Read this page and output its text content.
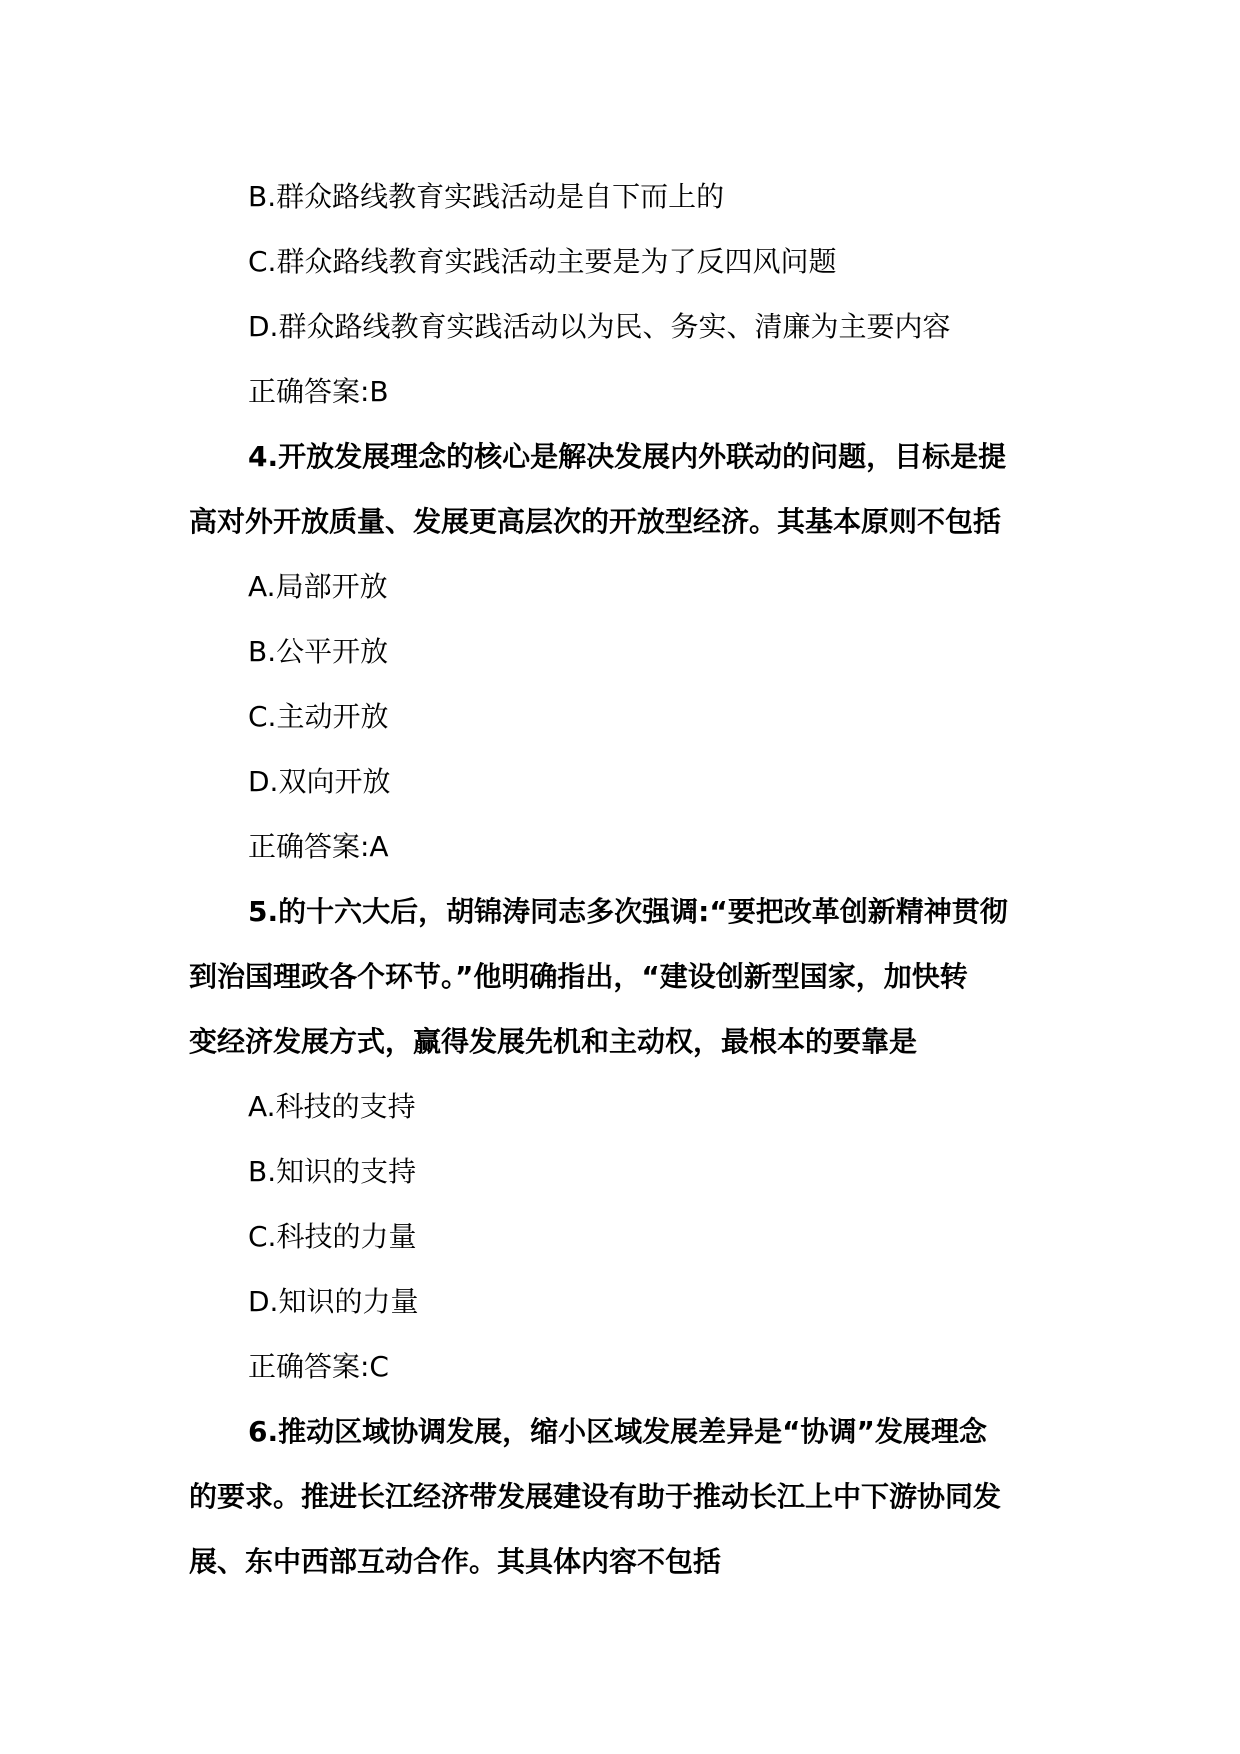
B.群众路线教育实践活动是自下而上的
C.群众路线教育实践活动主要是为了反四风问题
D.群众路线教育实践活动以为民、务实、清廉为主要内容
正确答案:B
4.开放发展理念的核心是解决发展内外联动的问题，目标是提
高对外开放质量、发展更高层次的开放型经济。其基本原则不包括
A.局部开放
B.公平开放
C.主动开放
D.双向开放
正确答案:A
5.的十六大后，胡锦涛同志多次强调:“要把改革创新精神贯彻
到治国理政各个环节。”他明确指出，“建设创新型国家，加快转
变经济发展方式，赢得发展先机和主动权，最根本的要靠是
A.科技的支持
B.知识的支持
C.科技的力量
D.知识的力量
正确答案:C
6.推动区域协调发展，缩小区域发展差异是“协调”发展理念
的要求。推进长江经济带发展建设有助于推动长江上中下游协同发
展、东中西部互动合作。其具体内容不包括
